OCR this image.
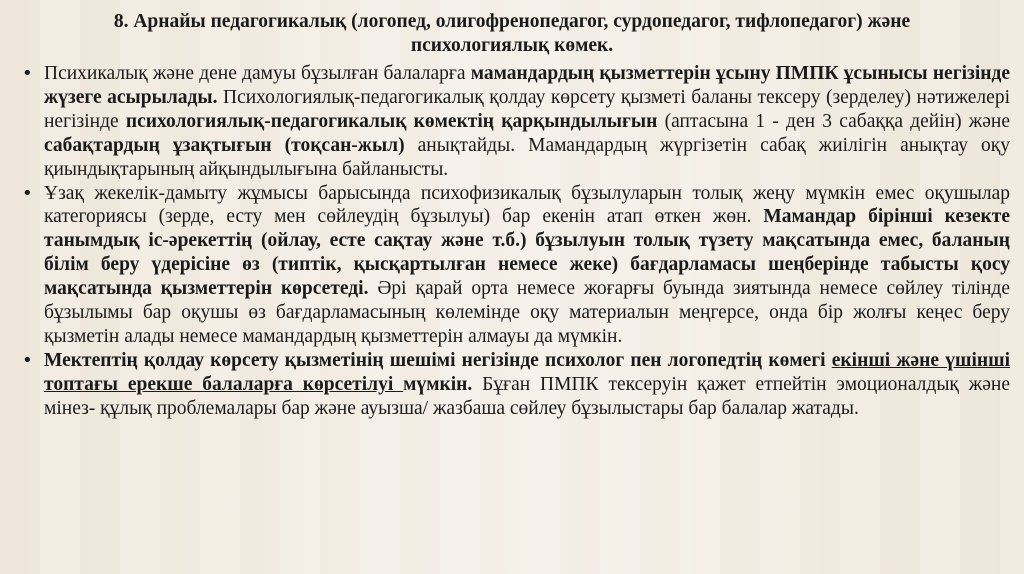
8. Арнайы педагогикалық (логопед, олигофренопедагог, сурдопедагог, тифлопедагог) және
психологиялық көмек.
• Психикалық және дене дамуы бұзылған балаларға мамандардың қызметтерін ұсыну ПМПК ұсынысы негізінде жүзеге асырылады. Психологиялық-педагогикалық қолдау көрсету қызметі баланы тексеру (зерделеу) нәтижелері негізінде психологиялық-педагогикалық көмектің қарқындылығын (аптасына 1 - ден 3 сабаққа дейін) және сабақтардың ұзақтығын (тоқсан-жыл) анықтайды. Мамандардың жүргізетін сабақ жиілігін анықтау оқу қиындықтарының айқындылығына байланысты.
• Ұзақ жекелік-дамыту жұмысы барысында психофизикалық бұзылуларын толық жеңу мүмкін емес оқушылар категориясы (зерде, есту мен сөйлеудің бұзылуы) бар екенін атап өткен жөн. Мамандар бірінші кезекте танымдық іс-әрекеттің (ойлау, есте сақтау және т.б.) бұзылуын толық түзету мақсатында емес, баланың білім беру үдерісіне өз (типтік, қысқартылған немесе жеке) бағдарламасы шеңберінде табысты қосу мақсатында қызметтерін көрсетеді. Әрі қарай орта немесе жоғарғы буында зиятында немесе сөйлеу тілінде бұзылымы бар оқушы өз бағдарламасының көлемінде оқу материалын меңгерсе, онда бір жолғы кеңес беру қызметін алады немесе мамандардың қызметтерін алмауы да мүмкін.
• Мектептің қолдау көрсету қызметінің шешімі негізінде психолог пен логопедтің көмегі екінші және үшінші топтағы ерекше балаларға көрсетілуі мүмкін. Бұған ПМПК тексеруін қажет етпейтін эмоционалдық және мінез- құлық проблемалары бар және ауызша/ жазбаша сөйлеу бұзылыстары бар балалар жатады.
